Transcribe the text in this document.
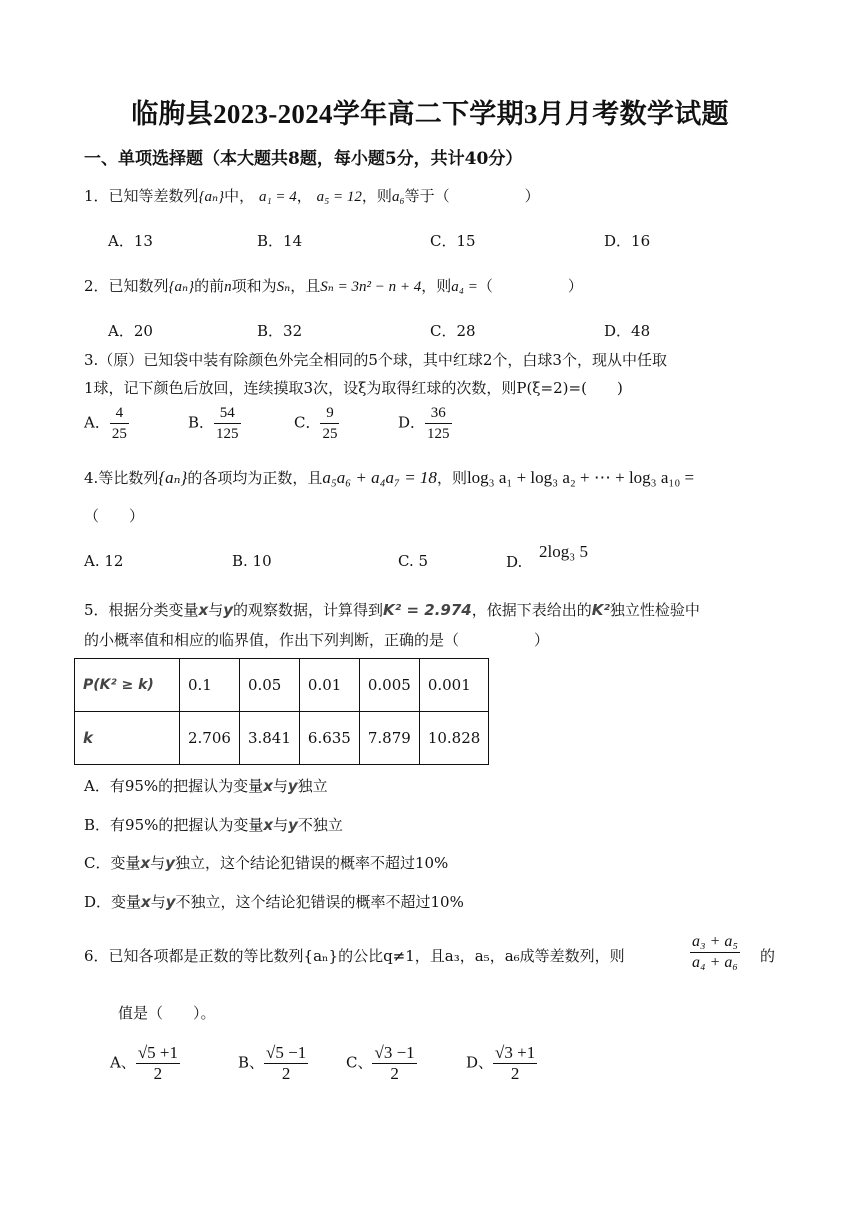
临朐县2023-2024学年高二下学期3月月考数学试题
一、单项选择题（本大题共8题，每小题5分，共计40分）
1．已知等差数列{aₙ}中， a₁ = 4， a₅ = 12，则a₆等于（　　　　　）
A．13	B．14	C．15	D．16
2．已知数列{aₙ}的前n项和为Sₙ，且Sₙ = 3n² − n + 4，则a₄ =（　　　　　）
A．20	B．32	C．28	D．48
3.（原）已知袋中装有除颜色外完全相同的5个球，其中红球2个，白球3个，现从中任取
1球，记下颜色后放回，连续摸取3次，设ξ为取得红球的次数，则P(ξ=2)=(　　)
A． $\frac{4}{25}$	B． $\frac{54}{125}$	C． $\frac{9}{25}$	D． $\frac{36}{125}$
4.等比数列{aₙ}的各项均为正数，且a₅a₆ + a₄a₇ = 18，则log₃ a₁ + log₃ a₂ + ⋯ + log₃ a₁₀ =
（　　）
A. 12	B. 10	C. 5	D. 2log₃ 5
5．根据分类变量x与y的观察数据，计算得到K² = 2.974，依据下表给出的K²独立性检验中
的小概率值和相应的临界值，作出下列判断，正确的是（　　　　　）
P(K² ≥ k)	0.1	0.05	0.01	0.005	0.001
k	2.706	3.841	6.635	7.879	10.828
A．有95%的把握认为变量x与y独立
B．有95%的把握认为变量x与y不独立
C．变量x与y独立，这个结论犯错误的概率不超过10%
D．变量x与y不独立，这个结论犯错误的概率不超过10%
6．已知各项都是正数的等比数列{aₙ}的公比q≠1，且a₃，a₅，a₆成等差数列，则	$\frac{\text{a₃ + a₅}}{\text{a₄ + a₆}}$ 的
值是（　　）。
A、 $\frac{√5 +1}{2}$	B、 $\frac{√5 -1}{2}$	C、 $\frac{√3 -1}{2}$	D、 $\frac{√3 +1}{2}$
